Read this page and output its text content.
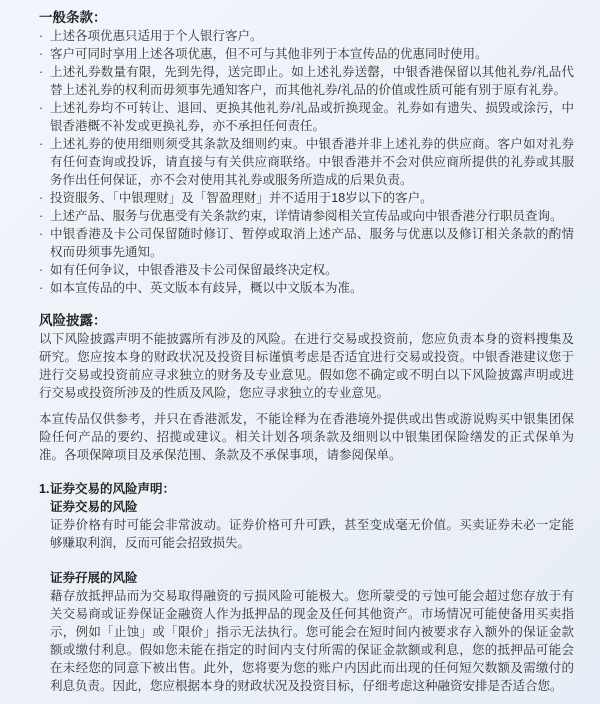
一般条款：
· 上述各项优惠只适用于个人银行客户。
· 客户可同时享用上述各项优惠，但不可与其他非列于本宣传品的优惠同时使用。
· 上述礼券数量有限，先到先得，送完即止。如上述礼券送罄，中银香港保留以其他礼券/礼品代替上述礼券的权利而毋须事先通知客户，而其他礼券/礼品的价值或性质可能有别于原有礼券。
· 上述礼券均不可转让、退回、更换其他礼券/礼品或折换现金。礼券如有遗失、损毁或涂污，中银香港概不补发或更换礼券，亦不承担任何责任。
· 上述礼券的使用细则须受其条款及细则约束。中银香港并非上述礼券的供应商。客户如对礼券有任何查询或投诉，请直接与有关供应商联络。中银香港并不会对供应商所提供的礼券或其服务作出任何保证，亦不会对使用其礼券或服务所造成的后果负责。
· 投资服务、「中银理财」及「智盈理财」并不适用于18岁以下的客户。
· 上述产品、服务与优惠受有关条款约束，详情请参阅相关宣传品或向中银香港分行职员查询。
· 中银香港及卡公司保留随时修订、暂停或取消上述产品、服务与优惠以及修订相关条款的酌情权而毋须事先通知。
· 如有任何争议，中银香港及卡公司保留最终决定权。
· 如本宣传品的中、英文版本有歧异，概以中文版本为准。
风险披露：

以下风险披露声明不能披露所有涉及的风险。在进行交易或投资前，您应负责本身的资料搜集及研究。您应按本身的财政状况及投资目标谨慎考虑是否适宜进行交易或投资。中银香港建议您于进行交易或投资前应寻求独立的财务及专业意见。假如您不确定或不明白以下风险披露声明或进行交易或投资所涉及的性质及风险，您应寻求独立的专业意见。

本宣传品仅供参考，并只在香港派发，不能诠释为在香港境外提供或出售或游说购买中银集团保险任何产品的要约、招揽或建议。相关计划各项条款及细则以中银集团保险缮发的正式保单为准。各项保障项目及承保范围、条款及不承保事项，请参阅保单。

1. 证券交易的风险声明：
证券交易的风险

证券价格有时可能会非常波动。证券价格可升可跌，甚至变成毫无价值。买卖证券未必一定能够赚取利润，反而可能会招致损失。

证券孖展的风险

藉存放抵押品而为交易取得融资的亏损风险可能极大。您所蒙受的亏蚀可能会超过您存放于有关交易商或证券保证金融资人作为抵押品的现金及任何其他资产。市场情况可能使备用买卖指示，例如「止蚀」或「限价」指示无法执行。您可能会在短时间内被要求存入额外的保证金款额或缴付利息。假如您未能在指定的时间内支付所需的保证金款额或利息，您的抵押品可能会在未经您的同意下被出售。此外，您将要为您的账户内因此而出现的任何短欠数额及需缴付的利息负责。因此，您应根据本身的财政状况及投资目标，仔细考虑这种融资安排是否适合您。
